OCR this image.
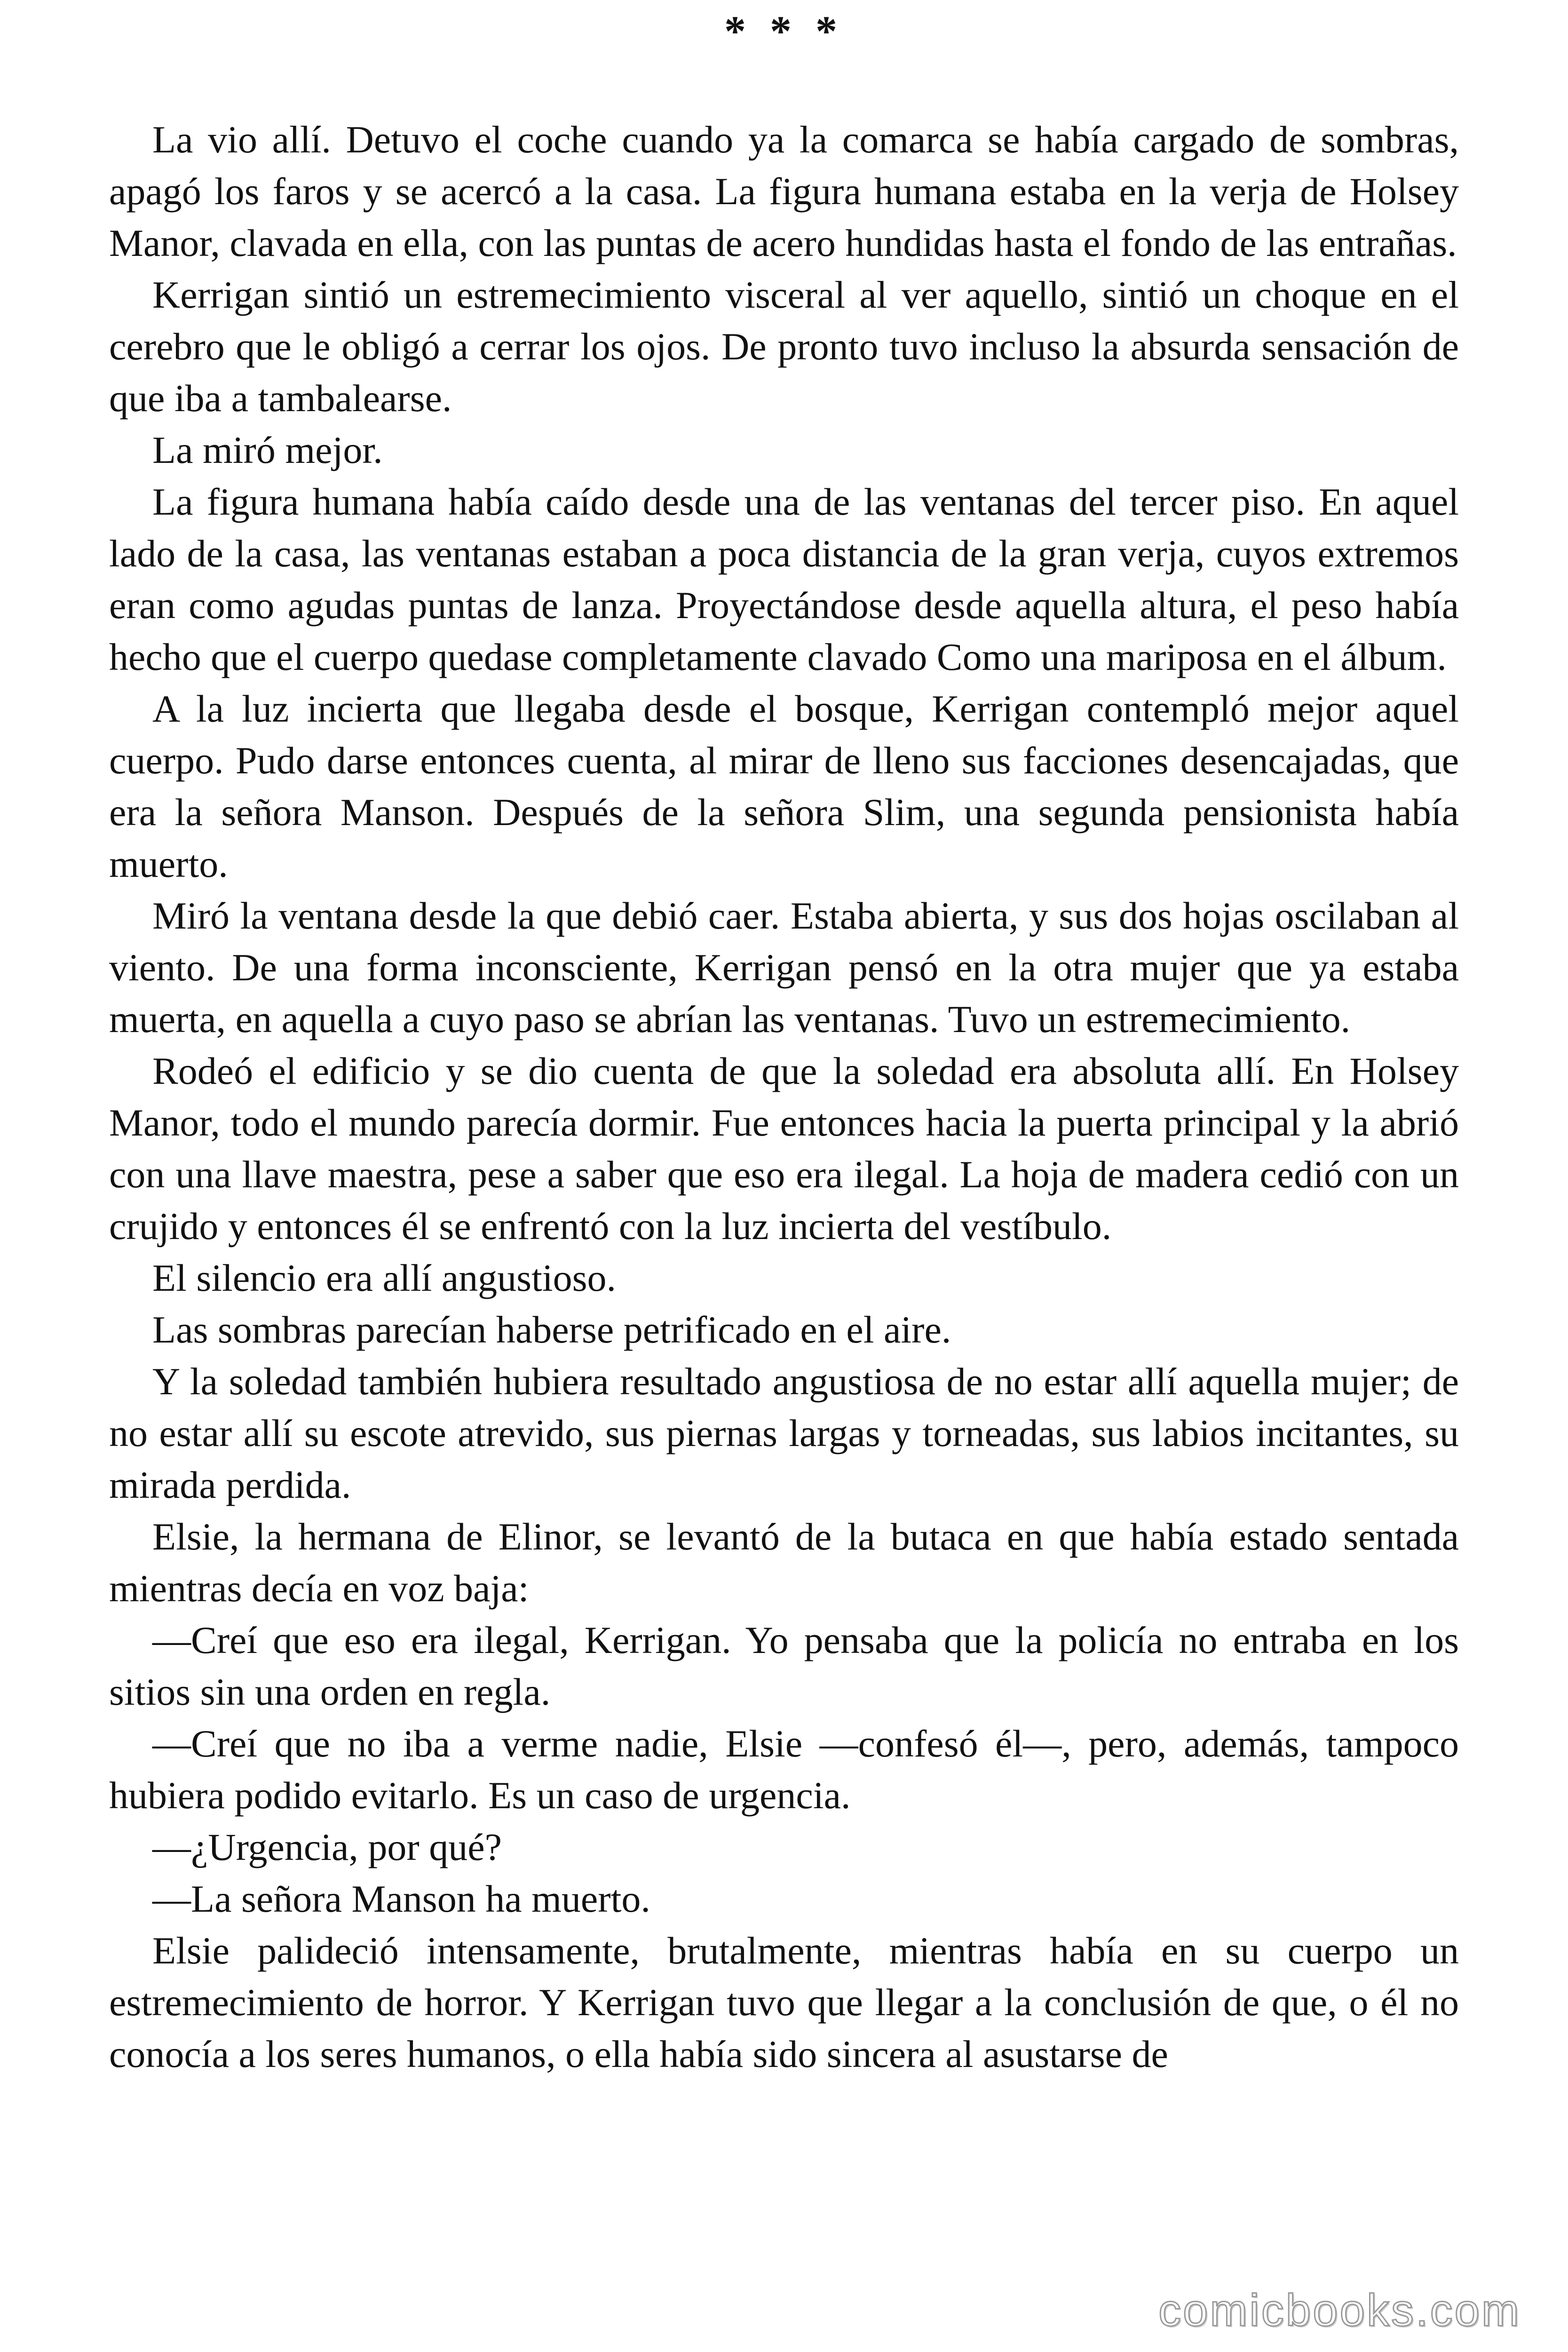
* * *

La vio allí. Detuvo el coche cuando ya la comarca se había cargado de sombras, apagó los faros y se acercó a la casa. La figura humana estaba en la verja de Holsey Manor, clavada en ella, con las puntas de acero hundidas hasta el fondo de las entrañas.

Kerrigan sintió un estremecimiento visceral al ver aquello, sintió un choque en el cerebro que le obligó a cerrar los ojos. De pronto tuvo incluso la absurda sensación de que iba a tambalearse.

La miró mejor.

La figura humana había caído desde una de las ventanas del tercer piso. En aquel lado de la casa, las ventanas estaban a poca distancia de la gran verja, cuyos extremos eran como agudas puntas de lanza. Proyectándose desde aquella altura, el peso había hecho que el cuerpo quedase completamente clavado Como una mariposa en el álbum.

A la luz incierta que llegaba desde el bosque, Kerrigan contempló mejor aquel cuerpo. Pudo darse entonces cuenta, al mirar de lleno sus facciones desencajadas, que era la señora Manson. Después de la señora Slim, una segunda pensionista había muerto.

Miró la ventana desde la que debió caer. Estaba abierta, y sus dos hojas oscilaban al viento. De una forma inconsciente, Kerrigan pensó en la otra mujer que ya estaba muerta, en aquella a cuyo paso se abrían las ventanas. Tuvo un estremecimiento.

Rodeó el edificio y se dio cuenta de que la soledad era absoluta allí. En Holsey Manor, todo el mundo parecía dormir. Fue entonces hacia la puerta principal y la abrió con una llave maestra, pese a saber que eso era ilegal. La hoja de madera cedió con un crujido y entonces él se enfrentó con la luz incierta del vestíbulo.

El silencio era allí angustioso.

Las sombras parecían haberse petrificado en el aire.

Y la soledad también hubiera resultado angustiosa de no estar allí aquella mujer; de no estar allí su escote atrevido, sus piernas largas y torneadas, sus labios incitantes, su mirada perdida.

Elsie, la hermana de Elinor, se levantó de la butaca en que había estado sentada mientras decía en voz baja:

—Creí que eso era ilegal, Kerrigan. Yo pensaba que la policía no entraba en los sitios sin una orden en regla.

—Creí que no iba a verme nadie, Elsie —confesó él—, pero, además, tampoco hubiera podido evitarlo. Es un caso de urgencia.

—¿Urgencia, por qué?

—La señora Manson ha muerto.

Elsie palideció intensamente, brutalmente, mientras había en su cuerpo un estremecimiento de horror. Y Kerrigan tuvo que llegar a la conclusión de que, o él no conocía a los seres humanos, o ella había sido sincera al asustarse de

comicbooks.com
